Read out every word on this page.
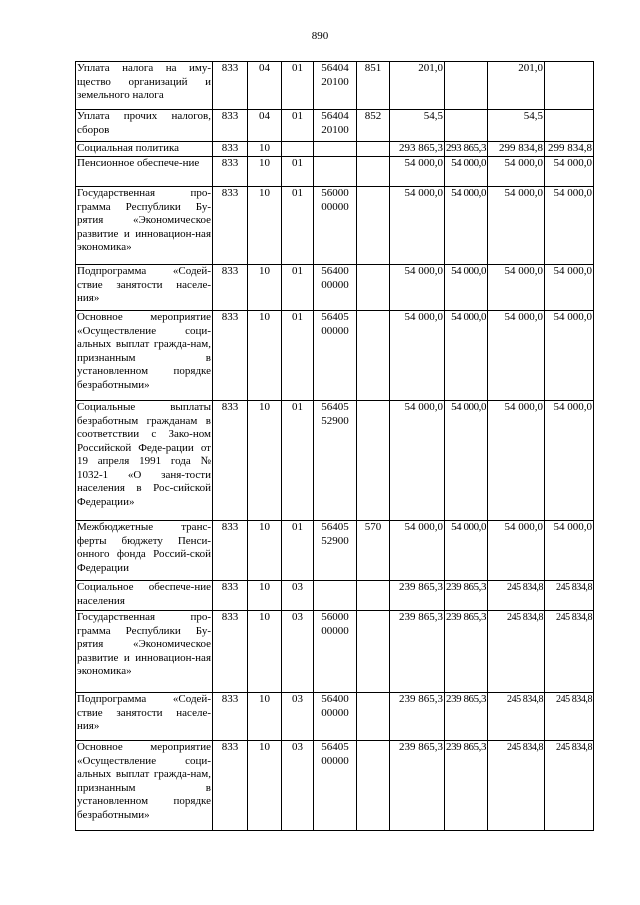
890
Уплата налога на иму-щество организаций и земельного налога	833	04	01	56404 20100	851	201,0		201,0	
Уплата прочих налогов, сборов	833	04	01	56404 20100	852	54,5		54,5	
Социальная политика	833	10				293 865,3	293 865,3	299 834,8	299 834,8
Пенсионное обеспече-ние	833	10	01			54 000,0	54 000,0	54 000,0	54 000,0
Государственная про-грамма Республики Бу-рятия «Экономическое развитие и инновацион-ная экономика»	833	10	01	56000 00000		54 000,0	54 000,0	54 000,0	54 000,0
Подпрограмма «Содей-ствие занятости населе-ния»	833	10	01	56400 00000		54 000,0	54 000,0	54 000,0	54 000,0
Основное мероприятие «Осуществление соци-альных выплат гражда-нам, признанным в установленном порядке безработными»	833	10	01	56405 00000		54 000,0	54 000,0	54 000,0	54 000,0
Социальные выплаты безработным гражданам в соответствии с Зако-ном Российской Феде-рации от 19 апреля 1991 года № 1032-1 «О заня-тости населения в Рос-сийской Федерации»	833	10	01	56405 52900		54 000,0	54 000,0	54 000,0	54 000,0
Межбюджетные транс-ферты бюджету Пенси-онного фонда Россий-ской Федерации	833	10	01	56405 52900	570	54 000,0	54 000,0	54 000,0	54 000,0
Социальное обеспече-ние населения	833	10	03			239 865,3	239 865,3	245 834,8	245 834,8
Государственная про-грамма Республики Бу-рятия «Экономическое развитие и инновацион-ная экономика»	833	10	03	56000 00000		239 865,3	239 865,3	245 834,8	245 834,8
Подпрограмма «Содей-ствие занятости населе-ния»	833	10	03	56400 00000		239 865,3	239 865,3	245 834,8	245 834,8
Основное мероприятие «Осуществление соци-альных выплат гражда-нам, признанным в установленном порядке безработными»	833	10	03	56405 00000		239 865,3	239 865,3	245 834,8	245 834,8
